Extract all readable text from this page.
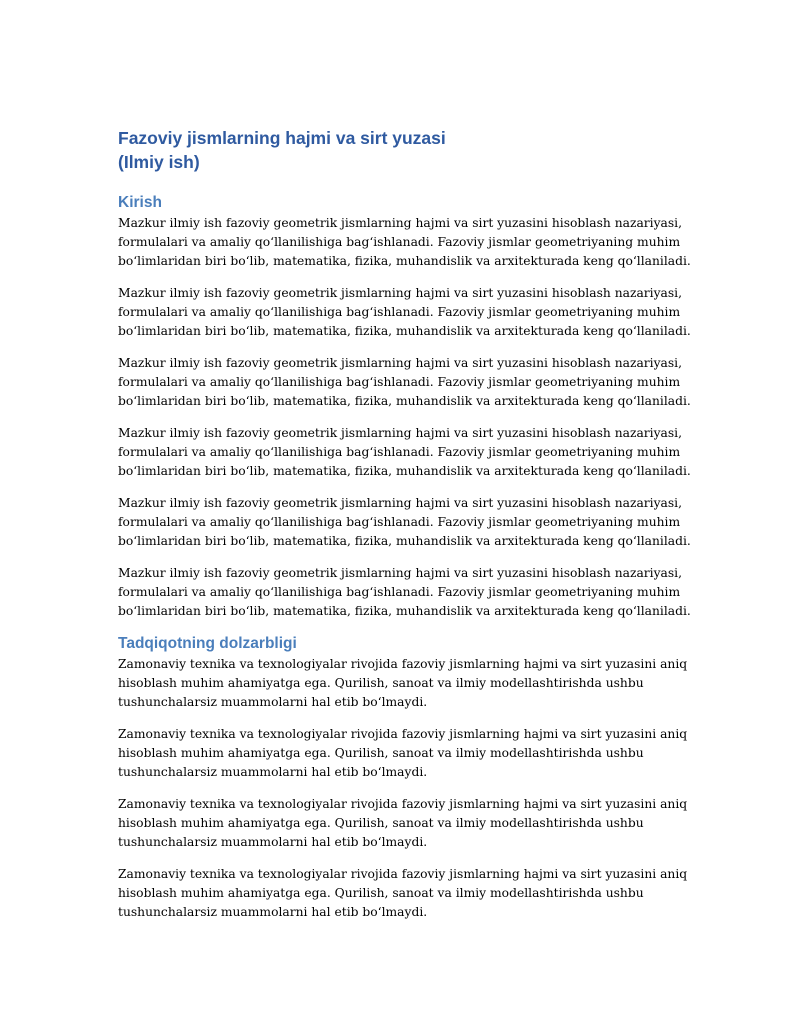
Fazoviy jismlarning hajmi va sirt yuzasi
(Ilmiy ish)
Kirish

Mazkur ilmiy ish fazoviy geometrik jismlarning hajmi va sirt yuzasini hisoblash nazariyasi,
formulalari va amaliy qo‘llanilishiga bag‘ishlanadi. Fazoviy jismlar geometriyaning muhim
bo‘limlaridan biri bo‘lib, matematika, fizika, muhandislik va arxitekturada keng qo‘llaniladi.

Mazkur ilmiy ish fazoviy geometrik jismlarning hajmi va sirt yuzasini hisoblash nazariyasi,
formulalari va amaliy qo‘llanilishiga bag‘ishlanadi. Fazoviy jismlar geometriyaning muhim
bo‘limlaridan biri bo‘lib, matematika, fizika, muhandislik va arxitekturada keng qo‘llaniladi.

Mazkur ilmiy ish fazoviy geometrik jismlarning hajmi va sirt yuzasini hisoblash nazariyasi,
formulalari va amaliy qo‘llanilishiga bag‘ishlanadi. Fazoviy jismlar geometriyaning muhim
bo‘limlaridan biri bo‘lib, matematika, fizika, muhandislik va arxitekturada keng qo‘llaniladi.

Mazkur ilmiy ish fazoviy geometrik jismlarning hajmi va sirt yuzasini hisoblash nazariyasi,
formulalari va amaliy qo‘llanilishiga bag‘ishlanadi. Fazoviy jismlar geometriyaning muhim
bo‘limlaridan biri bo‘lib, matematika, fizika, muhandislik va arxitekturada keng qo‘llaniladi.

Mazkur ilmiy ish fazoviy geometrik jismlarning hajmi va sirt yuzasini hisoblash nazariyasi,
formulalari va amaliy qo‘llanilishiga bag‘ishlanadi. Fazoviy jismlar geometriyaning muhim
bo‘limlaridan biri bo‘lib, matematika, fizika, muhandislik va arxitekturada keng qo‘llaniladi.

Mazkur ilmiy ish fazoviy geometrik jismlarning hajmi va sirt yuzasini hisoblash nazariyasi,
formulalari va amaliy qo‘llanilishiga bag‘ishlanadi. Fazoviy jismlar geometriyaning muhim
bo‘limlaridan biri bo‘lib, matematika, fizika, muhandislik va arxitekturada keng qo‘llaniladi.

Tadqiqotning dolzarbligi

Zamonaviy texnika va texnologiyalar rivojida fazoviy jismlarning hajmi va sirt yuzasini aniq
hisoblash muhim ahamiyatga ega. Qurilish, sanoat va ilmiy modellashtirishda ushbu
tushunchalarsiz muammolarni hal etib bo‘lmaydi.

Zamonaviy texnika va texnologiyalar rivojida fazoviy jismlarning hajmi va sirt yuzasini aniq
hisoblash muhim ahamiyatga ega. Qurilish, sanoat va ilmiy modellashtirishda ushbu
tushunchalarsiz muammolarni hal etib bo‘lmaydi.

Zamonaviy texnika va texnologiyalar rivojida fazoviy jismlarning hajmi va sirt yuzasini aniq
hisoblash muhim ahamiyatga ega. Qurilish, sanoat va ilmiy modellashtirishda ushbu
tushunchalarsiz muammolarni hal etib bo‘lmaydi.

Zamonaviy texnika va texnologiyalar rivojida fazoviy jismlarning hajmi va sirt yuzasini aniq
hisoblash muhim ahamiyatga ega. Qurilish, sanoat va ilmiy modellashtirishda ushbu
tushunchalarsiz muammolarni hal etib bo‘lmaydi.
